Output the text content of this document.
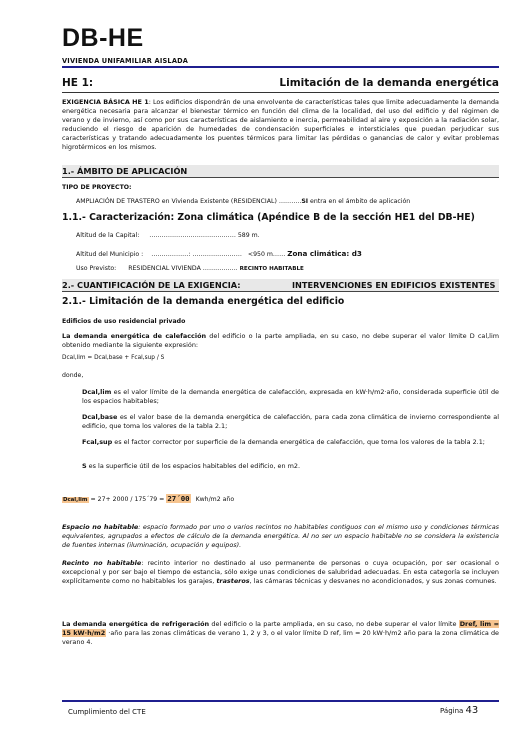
DB-HE
VIVIENDA UNIFAMILIAR AISLADA
HE 1:	Limitación de la demanda energética
EXIGENCIA BÁSICA HE 1: Los edificios dispondrán de una envolvente de características tales que limite adecuadamente la demanda energética necesaria para alcanzar el bienestar térmico en función del clima de la localidad, del uso del edificio y del régimen de verano y de invierno, así como por sus características de aislamiento e inercia, permeabilidad al aire y exposición a la radiación solar, reduciendo el riesgo de aparición de humedades de condensación superficiales e intersticiales que puedan perjudicar sus características y tratando adecuadamente los puentes térmicos para limitar las pérdidas o ganancias de calor y evitar problemas higrotérmicos en los mismos.
1.- ÁMBITO DE APLICACIÓN
TIPO DE PROYECTO:
AMPLIACIÓN DE TRASTERO en Vivienda Existente (RESIDENCIAL) ………..SI entra en el ámbito de aplicación
1.1.- Caracterización: Zona climática (Apéndice B de la sección HE1 del DB-HE)
Altitud de la Capital: …………………………………… 589 m.
Altitud del Municipio : ………………: …………………… <950 m…… Zona climática: d3
Uso Previsto: RESIDENCIAL VIVIENDA …………….. RECINTO HABITABLE
2.- CUANTIFICACIÓN DE LA EXIGENCIA:	INTERVENCIONES EN EDIFICIOS EXISTENTES
2.1.- Limitación de la demanda energética del edificio
Edificios de uso residencial privado
La demanda energética de calefacción del edificio o la parte ampliada, en su caso, no debe superar el valor límite D cal,lim obtenido mediante la siguiente expresión:
Dcal,lim = Dcal,base + Fcal,sup / S
donde,
Dcal,lim es el valor límite de la demanda energética de calefacción, expresada en kW·h/m2·año, considerada superficie útil de los espacios habitables;
Dcal,base es el valor base de la demanda energética de calefacción, para cada zona climática de invierno correspondiente al edificio, que toma los valores de la tabla 2.1;
Fcal,sup es el factor corrector por superficie de la demanda energética de calefacción, que toma los valores de la tabla 2.1;
S es la superficie útil de los espacios habitables del edificio, en m2.
Dcal,lim = 27+ 2000 / 175´79 = 27´00 Kwh/m2 año
Espacio no habitable: espacio formado por uno o varios recintos no habitables contiguos con el mismo uso y condiciones térmicas equivalentes, agrupados a efectos de cálculo de la demanda energética. Al no ser un espacio habitable no se considera la existencia de fuentes internas (iluminación, ocupación y equipos).
Recinto no habitable: recinto interior no destinado al uso permanente de personas o cuya ocupación, por ser ocasional o excepcional y por ser bajo el tiempo de estancia, sólo exige unas condiciones de salubridad adecuadas. En esta categoría se incluyen explícitamente como no habitables los garajes, trasteros, las cámaras técnicas y desvanes no acondicionados, y sus zonas comunes.
La demanda energética de refrigeración del edificio o la parte ampliada, en su caso, no debe superar el valor límite Dref, lim = 15 kW·h/m2 ·año para las zonas climáticas de verano 1, 2 y 3, o el valor límite D ref, lim = 20 kW·h/m2 año para la zona climática de verano 4.
Cumplimiento del CTE	Página 43
